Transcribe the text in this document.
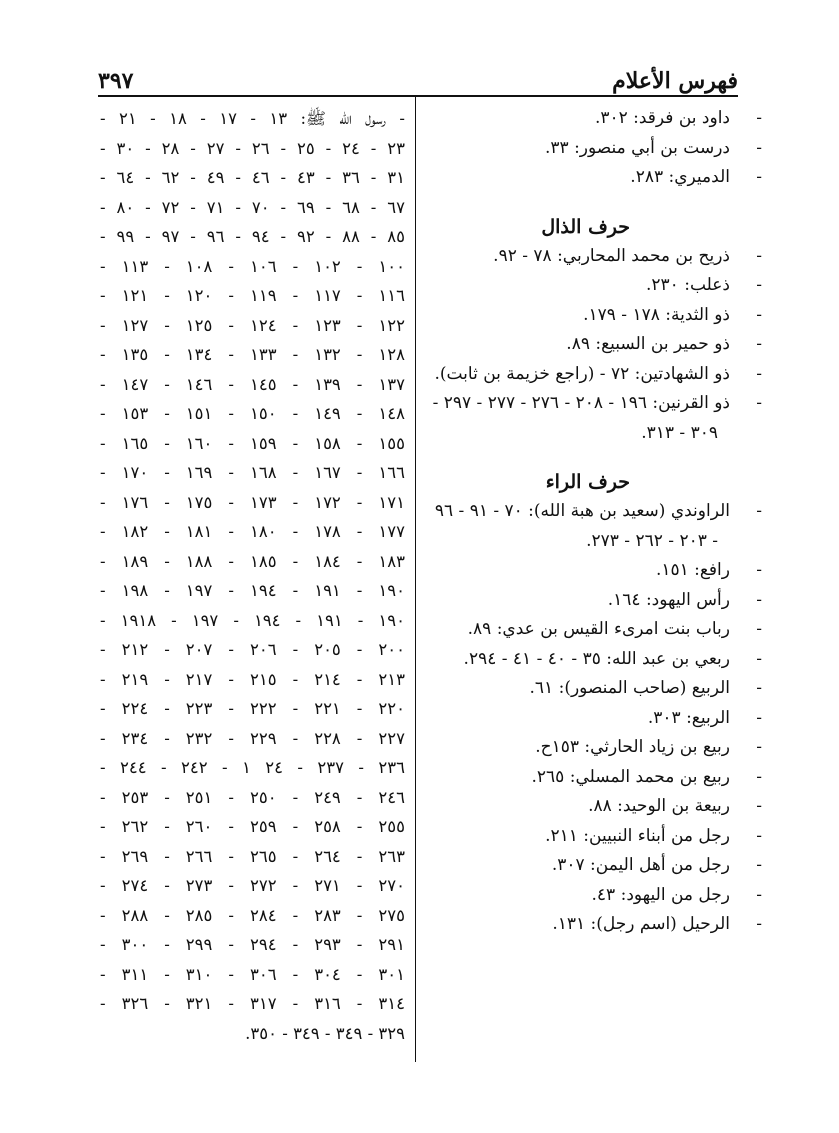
فهرس الأعلام
٣٩٧
-داود بن فرقد: ٣٠٢.
-درست بن أبي منصور: ٣٣.
-الدميري: ٢٨٣.
حرف الذال
-ذريح بن محمد المحاربي: ٧٨ - ٩٢.
-ذعلب: ٢٣٠.
-ذو الثدية: ١٧٨ - ١٧٩.
-ذو حمير بن السبيع: ٨٩.
-ذو الشهادتين: ٧٢ - (راجع خزيمة بن ثابت).
-ذو القرنين: ١٩٦ - ٢٠٨ - ٢٧٦ - ٢٧٧ - ٢٩٧ - ٣٠٩ - ٣١٣.
حرف الراء
-الراوندي (سعيد بن هبة الله): ٧٠ - ٩١ - ٩٦ - ٢٠٣ - ٢٦٢ - ٢٧٣.
-رافع: ١٥١.
-رأس اليهود: ١٦٤.
-رباب بنت امرىء القيس بن عدي: ٨٩.
-ربعي بن عبد الله: ٣٥ - ٤٠ - ٤١ - ٢٩٤.
-الربيع (صاحب المنصور): ٦١.
-الربيع: ٣٠٣.
-ربيع بن زياد الحارثي: ١٥٣ح.
-ربيع بن محمد المسلي: ٢٦٥.
-ربيعة بن الوحيد: ٨٨.
-رجل من أبناء النبيين: ٢١١.
-رجل من أهل اليمن: ٣٠٧.
-رجل من اليهود: ٤٣.
-الرحيل (اسم رجل): ١٣١.
- رسول الله ﷺ: ١٣ - ١٧ - ١٨ - ٢١ -
٢٣ - ٢٤ - ٢٥ - ٢٦ - ٢٧ - ٢٨ - ٣٠ -
٣١ - ٣٦ - ٤٣ - ٤٦ - ٤٩ - ٦٢ - ٦٤ -
٦٧ - ٦٨ - ٦٩ - ٧٠ - ٧١ - ٧٢ - ٨٠ -
٨٥ - ٨٨ - ٩٢ - ٩٤ - ٩٦ - ٩٧ - ٩٩ -
١٠٠ - ١٠٢ - ١٠٦ - ١٠٨ - ١١٣ -
١١٦ - ١١٧ - ١١٩ - ١٢٠ - ١٢١ -
١٢٢ - ١٢٣ - ١٢٤ - ١٢٥ - ١٢٧ -
١٢٨ - ١٣٢ - ١٣٣ - ١٣٤ - ١٣٥ -
١٣٧ - ١٣٩ - ١٤٥ - ١٤٦ - ١٤٧ -
١٤٨ - ١٤٩ - ١٥٠ - ١٥١ - ١٥٣ -
١٥٥ - ١٥٨ - ١٥٩ - ١٦٠ - ١٦٥ -
١٦٦ - ١٦٧ - ١٦٨ - ١٦٩ - ١٧٠ -
١٧١ - ١٧٢ - ١٧٣ - ١٧٥ - ١٧٦ -
١٧٧ - ١٧٨ - ١٨٠ - ١٨١ - ١٨٢ -
١٨٣ - ١٨٤ - ١٨٥ - ١٨٨ - ١٨٩ -
١٩٠ - ١٩١ - ١٩٤ - ١٩٧ - ١٩٨ -
١٩٠ - ١٩١ - ١٩٤ - ١٩٧ - ١٩١٨ -
٢٠٠ - ٢٠٥ - ٢٠٦ - ٢٠٧ - ٢١٢ -
٢١٣ - ٢١٤ - ٢١٥ - ٢١٧ - ٢١٩ -
٢٢٠ - ٢٢١ - ٢٢٢ - ٢٢٣ - ٢٢٤ -
٢٢٧ - ٢٢٨ - ٢٢٩ - ٢٣٢ - ٢٣٤ -
٢٣٦ - ٢٣٧ - ٢٤ ١ - ٢٤٢ - ٢٤٤ -
٢٤٦ - ٢٤٩ - ٢٥٠ - ٢٥١ - ٢٥٣ -
٢٥٥ - ٢٥٨ - ٢٥٩ - ٢٦٠ - ٢٦٢ -
٢٦٣ - ٢٦٤ - ٢٦٥ - ٢٦٦ - ٢٦٩ -
٢٧٠ - ٢٧١ - ٢٧٢ - ٢٧٣ - ٢٧٤ -
٢٧٥ - ٢٨٣ - ٢٨٤ - ٢٨٥ - ٢٨٨ -
٢٩١ - ٢٩٣ - ٢٩٤ - ٢٩٩ - ٣٠٠ -
٣٠١ - ٣٠٤ - ٣٠٦ - ٣١٠ - ٣١١ -
٣١٤ - ٣١٦ - ٣١٧ - ٣٢١ - ٣٢٦ -
٣٢٩ - ٣٤٩ - ٣٤٩ - ٣٥٠.
